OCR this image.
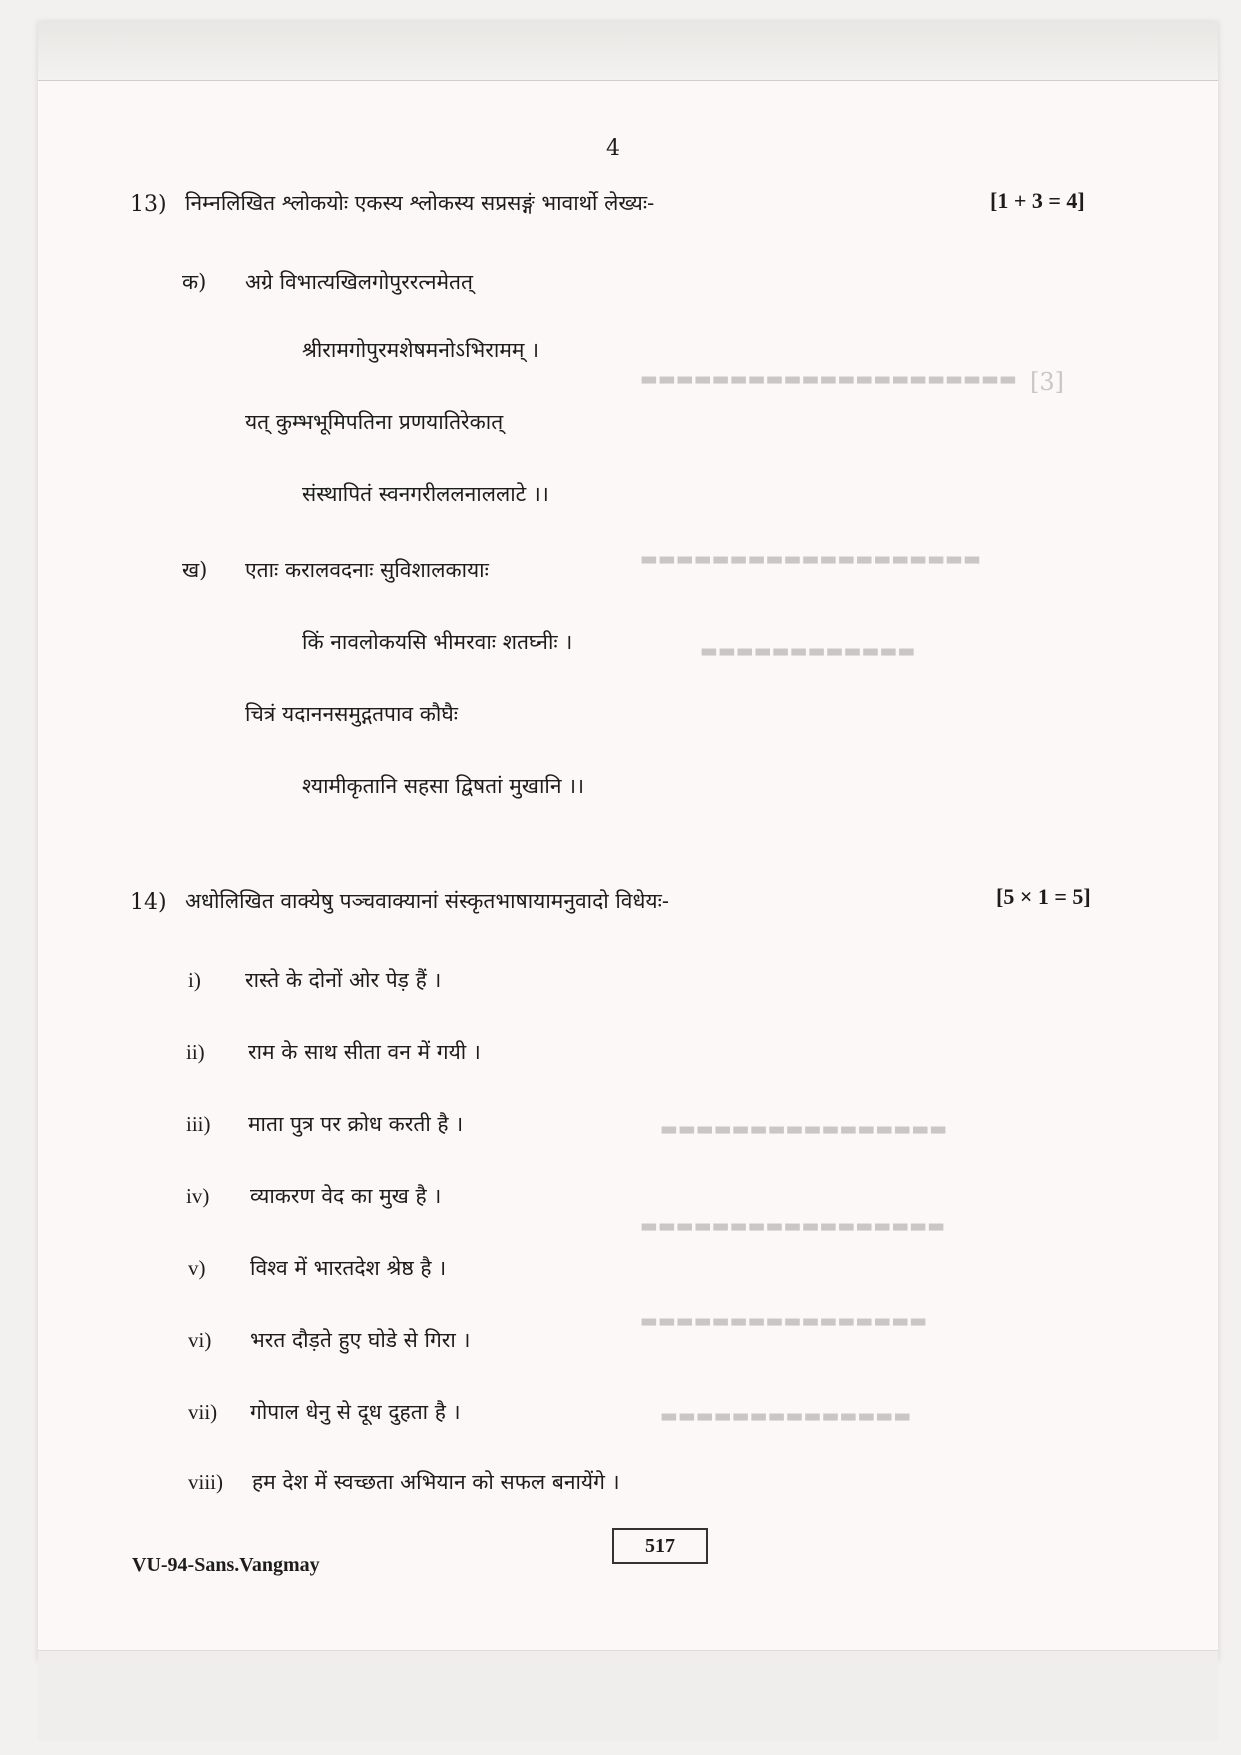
[3]
▬▬▬▬▬▬▬▬▬▬▬▬▬▬▬▬▬▬▬▬▬
▬▬▬▬▬▬▬▬▬▬▬▬▬▬▬▬▬▬▬
▬▬▬▬▬▬▬▬▬▬▬▬
▬▬▬▬▬▬▬▬▬▬▬▬▬▬▬▬
▬▬▬▬▬▬▬▬▬▬▬▬▬▬▬▬▬
▬▬▬▬▬▬▬▬▬▬▬▬▬▬▬▬
▬▬▬▬▬▬▬▬▬▬▬▬▬▬
4
13) निम्नलिखित श्लोकयोः एकस्य श्लोकस्य सप्रसङ्गं भावार्थो लेख्यः-	[1 + 3 = 4]
क) अग्रे विभात्यखिलगोपुररत्नमेतत्
श्रीरामगोपुरमशेषमनोऽभिरामम् ।
यत् कुम्भभूमिपतिना प्रणयातिरेकात्
संस्थापितं स्वनगरीललनाललाटे ।।
ख) एताः करालवदनाः सुविशालकायाः
किं नावलोकयसि भीमरवाः शतघ्नीः ।
चित्रं यदाननसमुद्गतपाव कौघैः
श्यामीकृतानि सहसा द्विषतां मुखानि ।।
14) अधोलिखित वाक्येषु पञ्चवाक्यानां संस्कृतभाषायामनुवादो विधेयः-	[5 × 1 = 5]
i) रास्ते के दोनों ओर पेड़ हैं ।
ii) राम के साथ सीता वन में गयी ।
iii) माता पुत्र पर क्रोध करती है ।
iv) व्याकरण वेद का मुख है ।
v) विश्व में भारतदेश श्रेष्ठ है ।
vi) भरत दौड़ते हुए घोडे से गिरा ।
vii) गोपाल धेनु से दूध दुहता है ।
viii) हम देश में स्वच्छता अभियान को सफल बनायेंगे ।
VU-94-Sans.Vangmay
517
